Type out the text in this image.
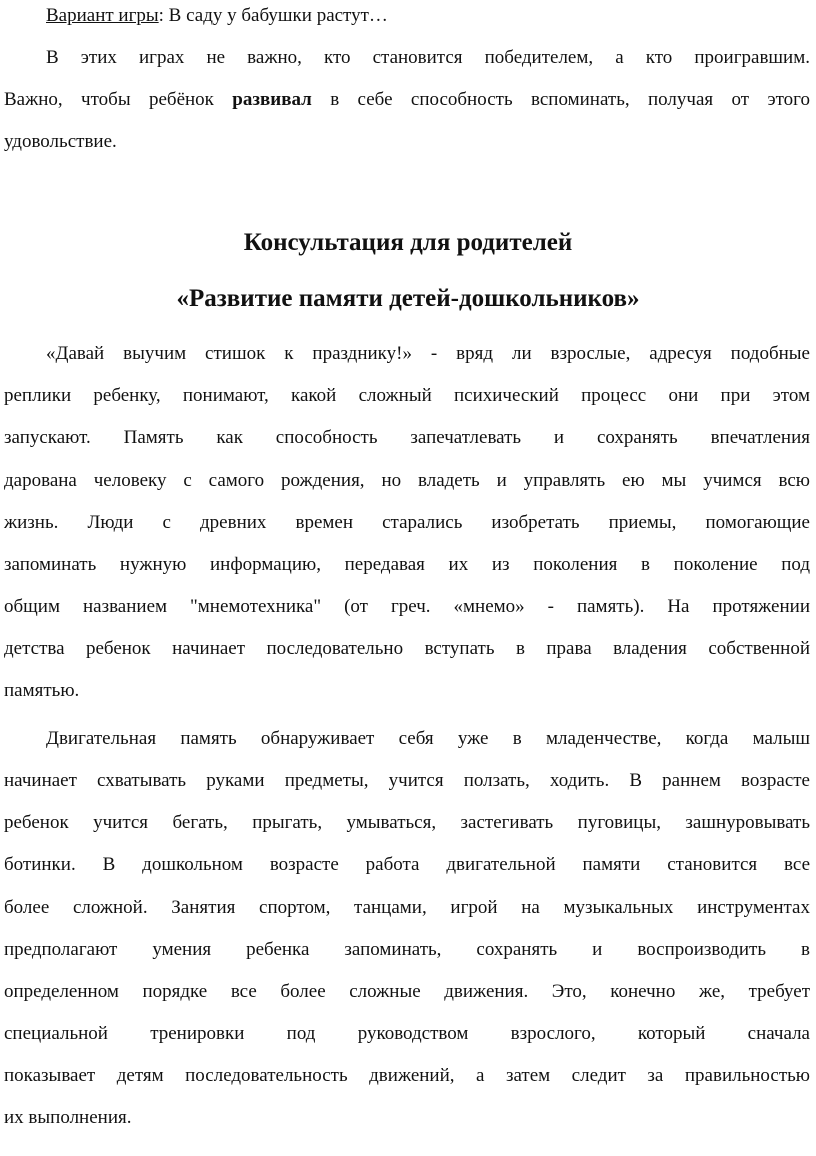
Вариант игры: В саду у бабушки растут…
В этих играх не важно, кто становится победителем, а кто проигравшим.
Важно, чтобы ребёнок развивал в себе способность вспоминать, получая от этого
удовольствие.
Консультация для родителей
«Развитие памяти детей-дошкольников»
«Давай выучим стишок к празднику!» - вряд ли взрослые, адресуя подобные
реплики ребенку, понимают, какой сложный психический процесс они при этом
запускают. Память как способность запечатлевать и сохранять впечатления
дарована человеку с самого рождения, но владеть и управлять ею мы учимся всю
жизнь. Люди с древних времен старались изобретать приемы, помогающие
запоминать нужную информацию, передавая их из поколения в поколение под
общим названием "мнемотехника" (от греч. «мнемо» - память). На протяжении
детства ребенок начинает последовательно вступать в права владения собственной
памятью.
Двигательная память обнаруживает себя уже в младенчестве, когда малыш
начинает схватывать руками предметы, учится ползать, ходить. В раннем возрасте
ребенок учится бегать, прыгать, умываться, застегивать пуговицы, зашнуровывать
ботинки. В дошкольном возрасте работа двигательной памяти становится все
более сложной. Занятия спортом, танцами, игрой на музыкальных инструментах
предполагают умения ребенка запоминать, сохранять и воспроизводить в
определенном порядке все более сложные движения. Это, конечно же, требует
специальной тренировки под руководством взрослого, который сначала
показывает детям последовательность движений, а затем следит за правильностью
их выполнения.
